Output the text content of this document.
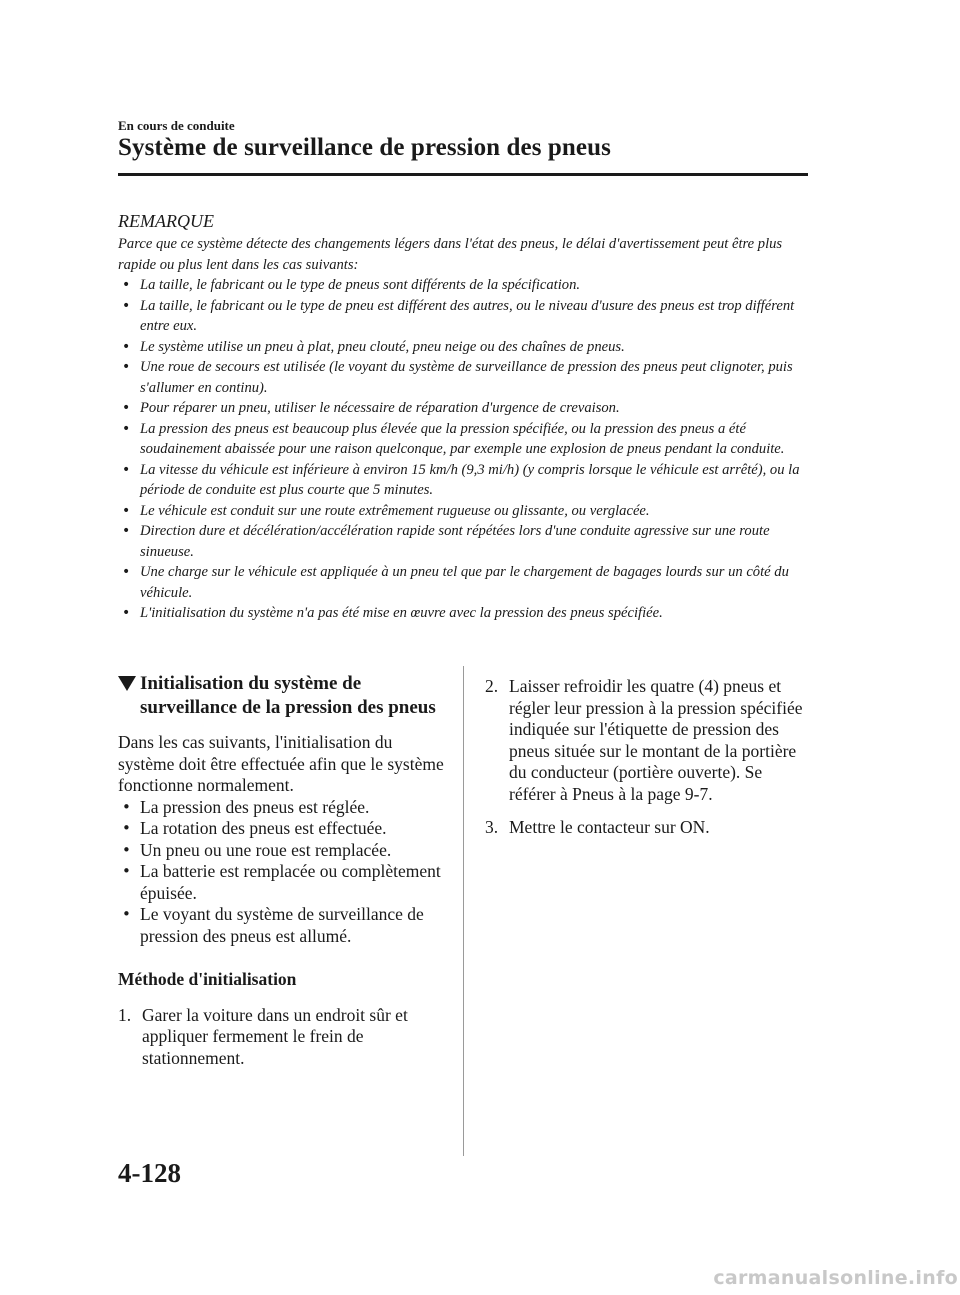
En cours de conduite
Système de surveillance de pression des pneus
REMARQUE

Parce que ce système détecte des changements légers dans l'état des pneus, le délai d'avertissement peut être plus rapide ou plus lent dans les cas suivants:

• La taille, le fabricant ou le type de pneus sont différents de la spécification.
• La taille, le fabricant ou le type de pneu est différent des autres, ou le niveau d'usure des pneus est trop différent entre eux.
• Le système utilise un pneu à plat, pneu clouté, pneu neige ou des chaînes de pneus.
• Une roue de secours est utilisée (le voyant du système de surveillance de pression des pneus peut clignoter, puis s'allumer en continu).
• Pour réparer un pneu, utiliser le nécessaire de réparation d'urgence de crevaison.
• La pression des pneus est beaucoup plus élevée que la pression spécifiée, ou la pression des pneus a été soudainement abaissée pour une raison quelconque, par exemple une explosion de pneus pendant la conduite.
• La vitesse du véhicule est inférieure à environ 15 km/h (9,3 mi/h) (y compris lorsque le véhicule est arrêté), ou la période de conduite est plus courte que 5 minutes.
• Le véhicule est conduit sur une route extrêmement rugueuse ou glissante, ou verglacée.
• Direction dure et décélération/accélération rapide sont répétées lors d'une conduite agressive sur une route sinueuse.
• Une charge sur le véhicule est appliquée à un pneu tel que par le chargement de bagages lourds sur un côté du véhicule.
• L'initialisation du système n'a pas été mise en œuvre avec la pression des pneus spécifiée.
Initialisation du système de surveillance de la pression des pneus

Dans les cas suivants, l'initialisation du système doit être effectuée afin que le système fonctionne normalement.

• La pression des pneus est réglée.
• La rotation des pneus est effectuée.
• Un pneu ou une roue est remplacée.
• La batterie est remplacée ou complètement épuisée.
• Le voyant du système de surveillance de pression des pneus est allumé.
Méthode d'initialisation
1. Garer la voiture dans un endroit sûr et appliquer fermement le frein de stationnement.
2. Laisser refroidir les quatre (4) pneus et régler leur pression à la pression spécifiée indiquée sur l'étiquette de pression des pneus située sur le montant de la portière du conducteur (portière ouverte). Se référer à Pneus à la page 9-7.
3. Mettre le contacteur sur ON.
4-128
carmanualsonline.info
